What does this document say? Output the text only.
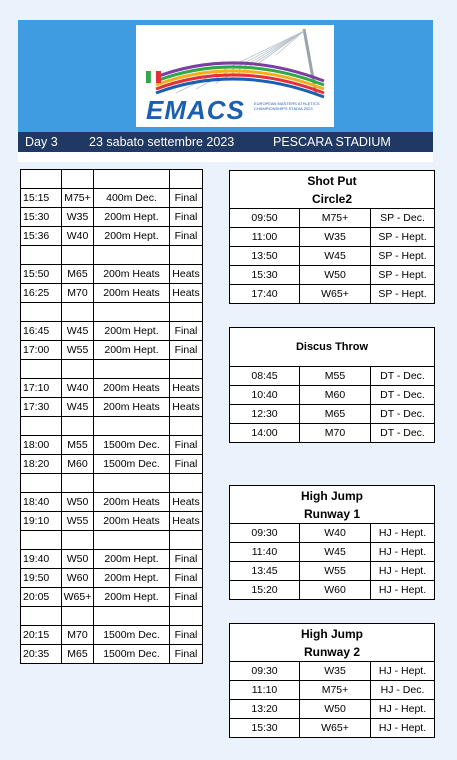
EMACS EUROPEAN MASTERS ATHLETICS CHAMPIONSHIPS STADIA 2023
Day 3	23 sabato settembre 2023	PESCARA STADIUM

15:15	M75+	400m Dec.	Final
15:30	W35	200m Hept.	Final
15:36	W40	200m Hept.	Final

15:50	M65	200m Heats	Heats
16:25	M70	200m Heats	Heats

16:45	W45	200m Hept.	Final
17:00	W55	200m Hept.	Final

17:10	W40	200m Heats	Heats
17:30	W45	200m Heats	Heats

18:00	M55	1500m Dec.	Final
18:20	M60	1500m Dec.	Final

18:40	W50	200m Heats	Heats
19:10	W55	200m Heats	Heats

19:40	W50	200m Hept.	Final
19:50	W60	200m Hept.	Final
20:05	W65+	200m Hept.	Final

20:15	M70	1500m Dec.	Final
20:35	M65	1500m Dec.	Final
Shot Put		
Circle2		
09:50	M75+	SP - Dec.
11:00	W35	SP - Hept.
13:50	W45	SP - Hept.
15:30	W50	SP - Hept.
17:40	W65+	SP - Hept.
Discus Throw		
08:45	M55	DT - Dec.
10:40	M60	DT - Dec.
12:30	M65	DT - Dec.
14:00	M70	DT - Dec.
High Jump		
Runway 1		
09:30	W40	HJ - Hept.
11:40	W45	HJ - Hept.
13:45	W55	HJ - Hept.
15:20	W60	HJ - Hept.
High Jump		
Runway 2		
09:30	W35	HJ - Hept.
11:10	M75+	HJ - Dec.
13:20	W50	HJ - Hept.
15:30	W65+	HJ - Hept.
